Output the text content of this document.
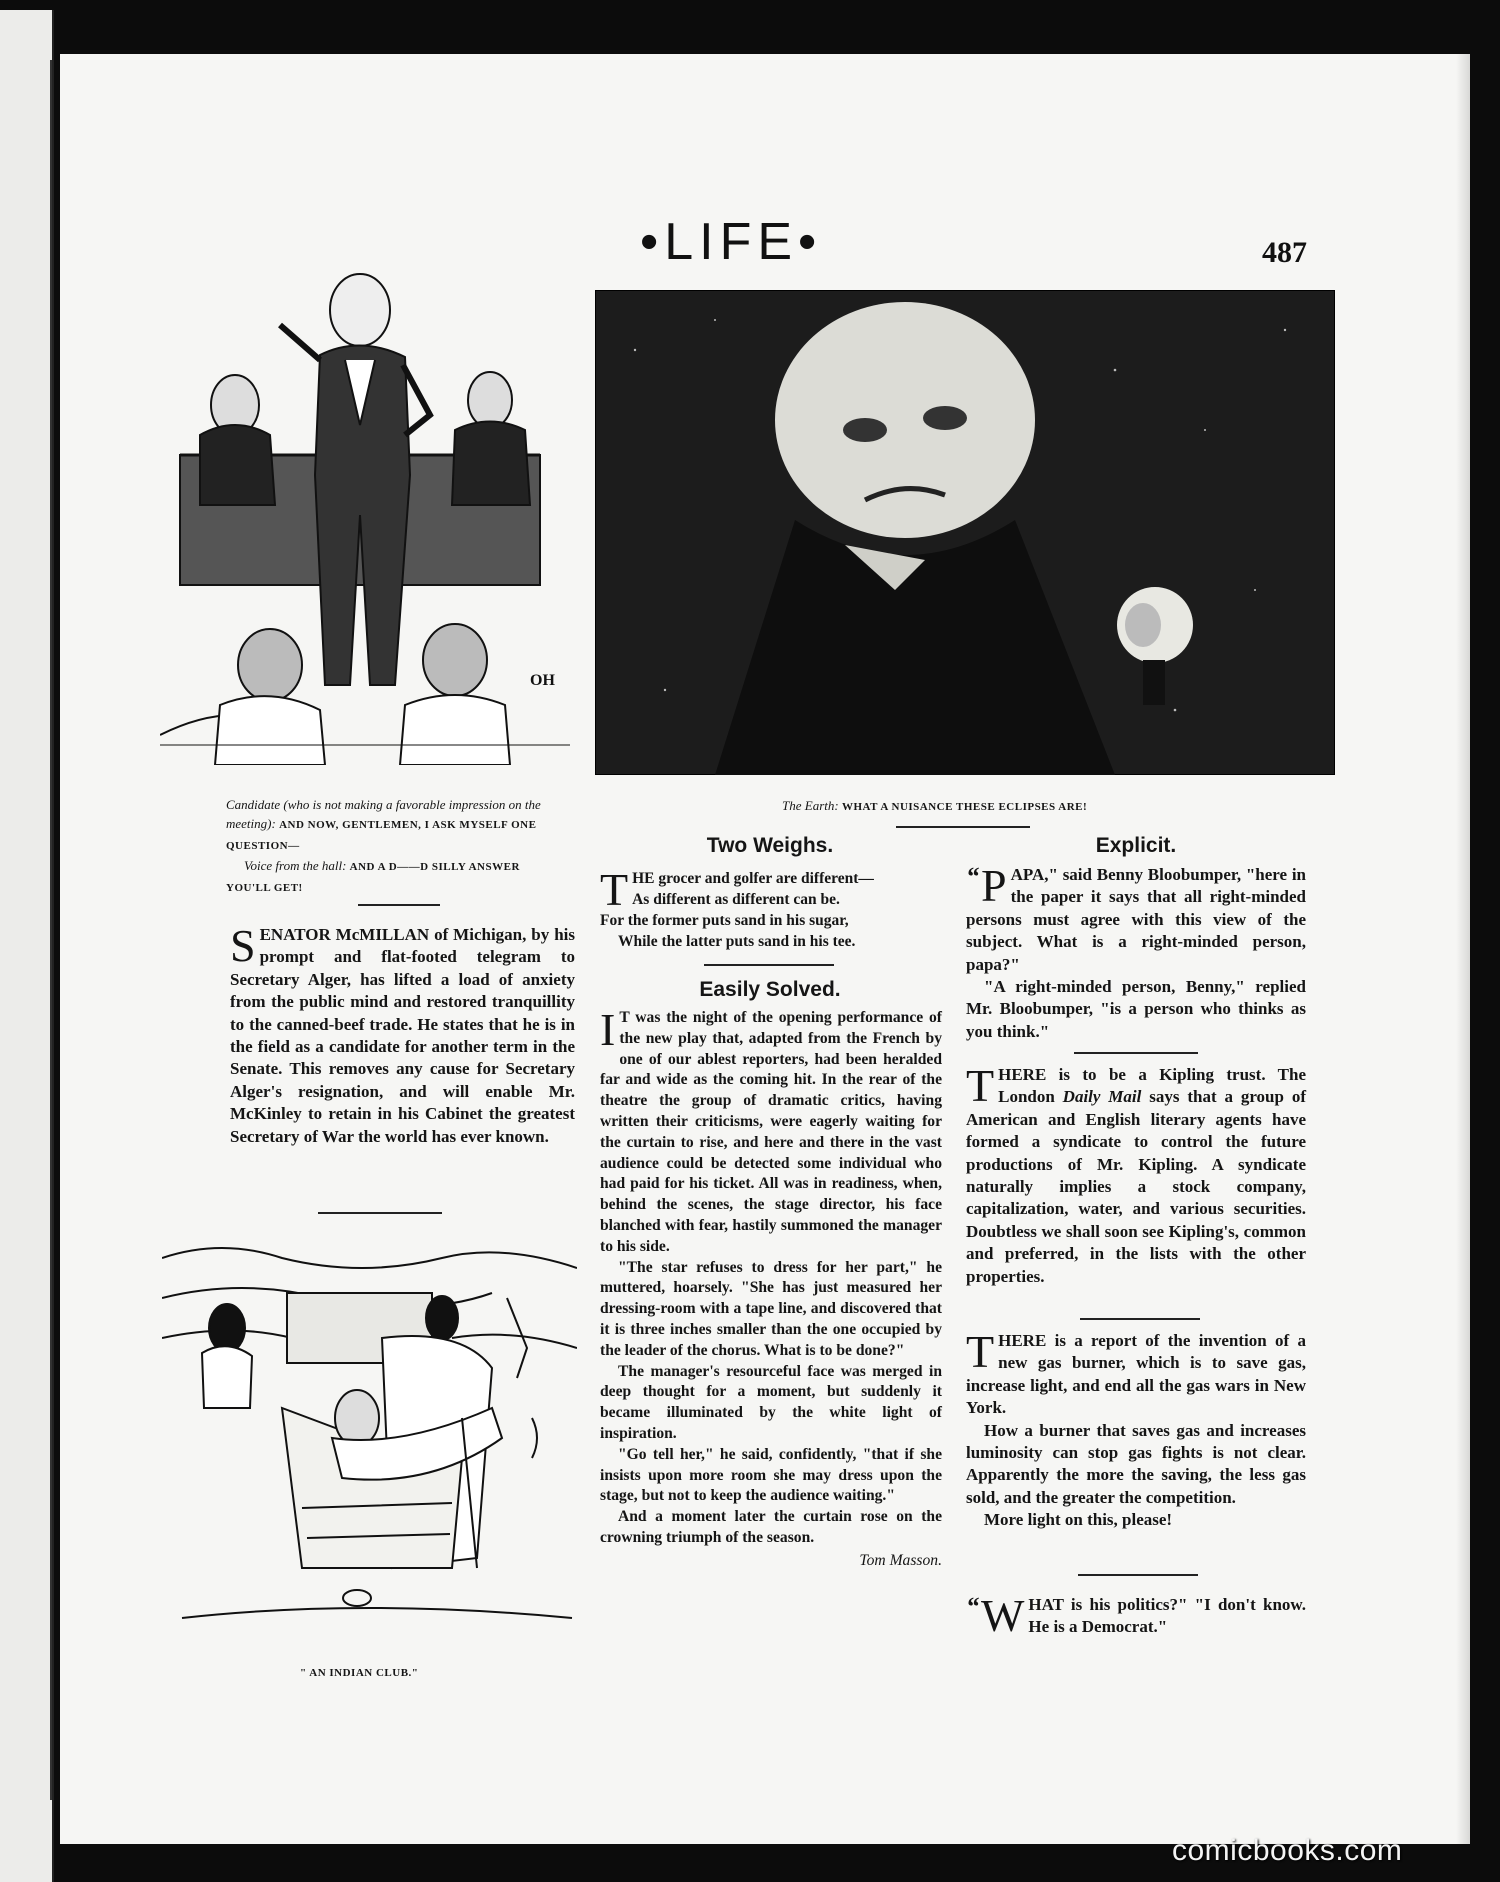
•LIFE•	487
OH
Candidate (who is not making a favorable impression on the meeting): AND NOW, GENTLEMEN, I ASK MYSELF ONE QUESTION—
Voice from the hall: AND A D——D SILLY ANSWER YOU'LL GET!
The Earth: WHAT A NUISANCE THESE ECLIPSES ARE!

SENATOR McMILLAN of Michigan, by his prompt and flat-footed telegram to Secretary Alger, has lifted a load of anxiety from the public mind and restored tranquillity to the canned-beef trade. He states that he is in the field as a candidate for another term in the Senate. This removes any cause for Secretary Alger's resignation, and will enable Mr. McKinley to retain in his Cabinet the greatest Secretary of War the world has ever known.

" AN INDIAN CLUB."
Two Weighs.

THE grocer and golfer are different—

As different as different can be.

For the former puts sand in his sugar,

While the latter puts sand in his tee.

Easily Solved.

I T was the night of the opening performance of the new play that, adapted from the French by one of our ablest reporters, had been heralded far and wide as the coming hit. In the rear of the theatre the group of dramatic critics, having written their criticisms, were eagerly waiting for the curtain to rise, and here and there in the vast audience could be detected some individual who had paid for his ticket. All was in readiness, when, behind the scenes, the stage director, his face blanched with fear, hastily summoned the manager to his side.

"The star refuses to dress for her part," he muttered, hoarsely. "She has just measured her dressing-room with a tape line, and discovered that it is three inches smaller than the one occupied by the leader of the chorus. What is to be done?"

The manager's resourceful face was merged in deep thought for a moment, but suddenly it became illuminated by the white light of inspiration.

"Go tell her," he said, confidently, "that if she insists upon more room she may dress upon the stage, but not to keep the audience waiting."

And a moment later the curtain rose on the crowning triumph of the season.

Tom Masson.
Explicit.

“ P APA," said Benny Bloobumper, "here in the paper it says that all right-minded persons must agree with this view of the subject. What is a right-minded person, papa?"

"A right-minded person, Benny," replied Mr. Bloobumper, "is a person who thinks as you think."

THERE is to be a Kipling trust. The London Daily Mail says that a group of American and English literary agents have formed a syndicate to control the future productions of Mr. Kipling. A syndicate naturally implies a stock company, capitalization, water, and various securities. Doubtless we shall soon see Kipling's, common and preferred, in the lists with the other properties.

THERE is a report of the invention of a new gas burner, which is to save gas, increase light, and end all the gas wars in New York.

How a burner that saves gas and increases luminosity can stop gas fights is not clear. Apparently the more the saving, the less gas sold, and the greater the competition.

More light on this, please!

“ W HAT is his politics?" "I don't know. He is a Democrat."

comicbooks.com
